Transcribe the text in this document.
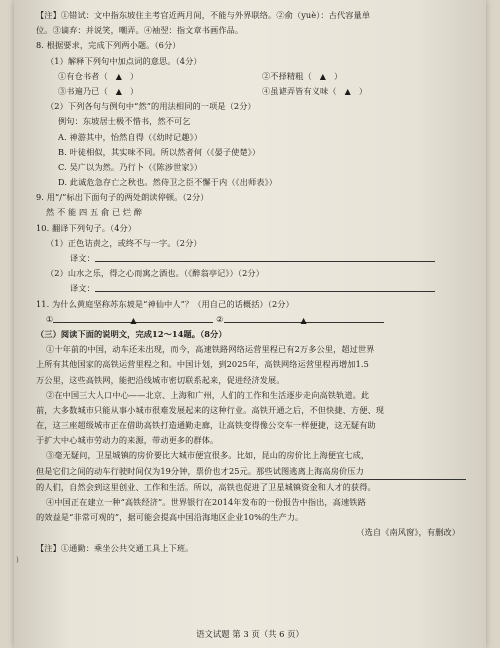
【注】①错试：文中指东坡住主考官近两月间，不能与外界联络。②俞（yuè）：古代容量单
位。③谪弃：并说笑，嘲弄。④袖翌：指文章书画作品。
8. 根据要求，完成下列两小题。（6分）
（1）解释下列句中加点词的意思。（4分）
①有仓书者（ ▲ ）	②不择精粗（ ▲ ）
③书遍乃已（ ▲ ）	④虽谑弄皆有义味（ ▲ ）
（2）下列各句与例句中“然”的用法相同的一项是（2分）
例句：东坡居士极不惜书，然不可乞
A. 神游其中，怡然自得（《幼时记趣》）
B. 叶徒相似，其实味不同。所以然者何（《晏子使楚》）
C. 吴广以为然。乃行卜（《陈涉世家》）
D. 此诚危急存亡之秋也。然侍卫之臣不懈于内（《出师表》）
9. 用“/”标出下面句子的两处朗读停顿。（2分）
然 不 能 四 五 俞 已 烂 醉
10. 翻译下列句子。（4分）
（1）正色诘责之，或终不与一字。（2分）
译文：
（2）山水之乐，得之心而寓之酒也。（《醉翁亭记》）（2分）
译文：
11. 为什么黄庭坚称苏东坡是“神仙中人”？（用自己的话概括）（2分）
①	▲	②	▲
（三）阅读下面的说明文，完成12～14题。（8分）
①十年前的中国，动车还未出现，而今，高速铁路网络运营里程已有2万多公里，超过世界
上所有其他国家的高铁运营里程之和。中国计划，到2025年，高铁网络运营里程再增加1.5
万公里，这些高铁网，能把沿线城市密切联系起来，促进经济发展。
②在中国三大人口中心——北京、上海和广州，人们的工作和生活逐步走向高铁轨道。此
前，大多数城市只能从事小城市很难发展起来的这种行业。高铁开通之后，不但快捷、方便、现
在，这三座超级城市正在借助高铁打造通勤走廊，让高铁变得像公交车一样便捷，这无疑有助
于扩大中心城市劳动力的来源，带动更多的群体。
③毫无疑问，卫星城镇的房价要比大城市便宜很多。比如，昆山的房价比上海便宜七成，
但是它们之间的动车行驶时间仅为19分钟，票价也才25元。那些试图逃离上海高房价压力
的人们，自然会到这里创业、工作和生活。所以，高铁也促进了卫星城镇资金和人才的获得。
④中国正在建立一种“高铁经济”。世界银行在2014年发布的一份报告中指出，高速铁路
的效益是“非常可观的”，据可能会提高中国沿海地区企业10%的生产力。
（选自《南风窗》，有删改）
【注】①通勤：乘坐公共交通工具上下班。
)
语文试题 第 3 页（共 6 页）
